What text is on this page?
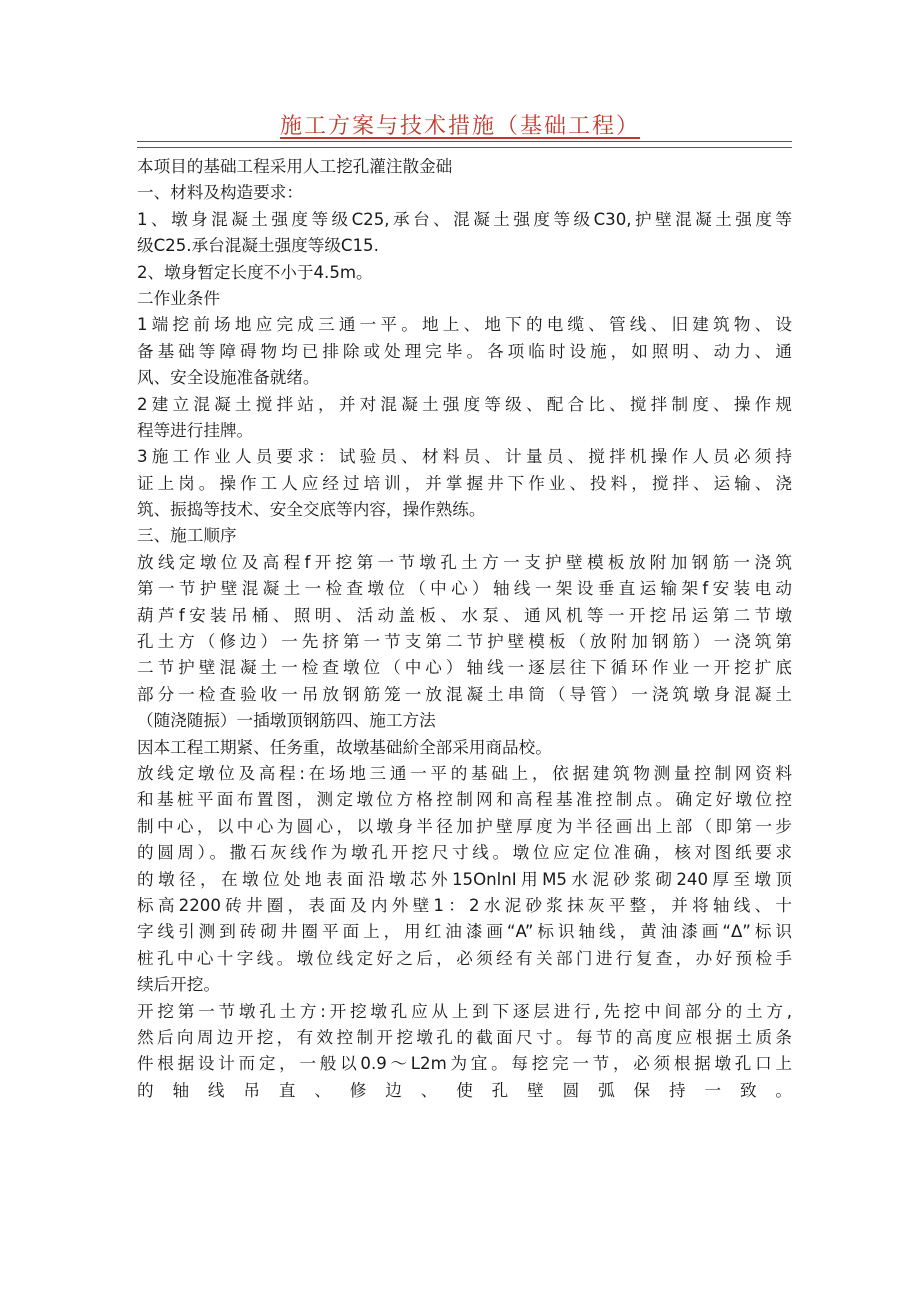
施工方案与技术措施（基础工程）
本项目的基础工程采用人工挖孔灌注散金础
一、材料及构造要求：
1、墩身混凝土强度等级C25,承台、混凝土强度等级C30,护壁混凝土强度等
级C25.承台混凝土强度等级C15.
2、墩身暂定长度不小于4.5m。
二作业条件
1端挖前场地应完成三通一平。地上、地下的电缆、管线、旧建筑物、设
备基础等障碍物均已排除或处理完毕。各项临时设施，如照明、动力、通
风、安全设施准备就绪。
2建立混凝土搅拌站，并对混凝土强度等级、配合比、搅拌制度、操作规
程等进行挂牌。
3施工作业人员要求：试验员、材料员、计量员、搅拌机操作人员必须持
证上岗。操作工人应经过培训，并掌握井下作业、投料，搅拌、运输、浇
筑、振捣等技术、安全交底等内容，操作熟练。
三、施工顺序
放线定墩位及高程f开挖第一节墩孔土方一支护壁模板放附加钢筋一浇筑
第一节护壁混凝土一检查墩位（中心）轴线一架设垂直运输架f安装电动
葫芦f安装吊桶、照明、活动盖板、水泵、通风机等一开挖吊运第二节墩
孔土方（修边）一先挤第一节支第二节护壁模板（放附加钢筋）一浇筑第
二节护壁混凝土一检查墩位（中心）轴线一逐层往下循环作业一开挖扩底
部分一检查验收一吊放钢筋笼一放混凝土串筒（导管）一浇筑墩身混凝土
（随浇随振）一插墩顶钢筋四、施工方法
因本工程工期紧、任务重，故墩基础紒全部采用商品校。
放线定墩位及高程:在场地三通一平的基础上，依据建筑物测量控制网资料
和基桩平面布置图，测定墩位方格控制网和高程基准控制点。确定好墩位控
制中心，以中心为圆心，以墩身半径加护壁厚度为半径画出上部（即第一步
的圆周）。撒石灰线作为墩孔开挖尺寸线。墩位应定位准确，核对图纸要求
的墩径，在墩位处地表面沿墩芯外15OnlnI用M5水泥砂浆砌240厚至墩顶
标高2200砖井圈，表面及内外壁1：2水泥砂浆抹灰平整，并将轴线、十
字线引测到砖砌井圈平面上，用红油漆画“A”标识轴线，黄油漆画“Δ”标识
桩孔中心十字线。墩位线定好之后，必须经有关部门进行复查，办好预检手
续后开挖。
开挖第一节墩孔土方:开挖墩孔应从上到下逐层进行,先挖中间部分的土方,
然后向周边开挖，有效控制开挖墩孔的截面尺寸。每节的高度应根据土质条
件根据设计而定，一般以0.9～L2m为宜。每挖完一节，必须根据墩孔口上
的轴线吊直、修边、使孔壁圆弧保持一致。
